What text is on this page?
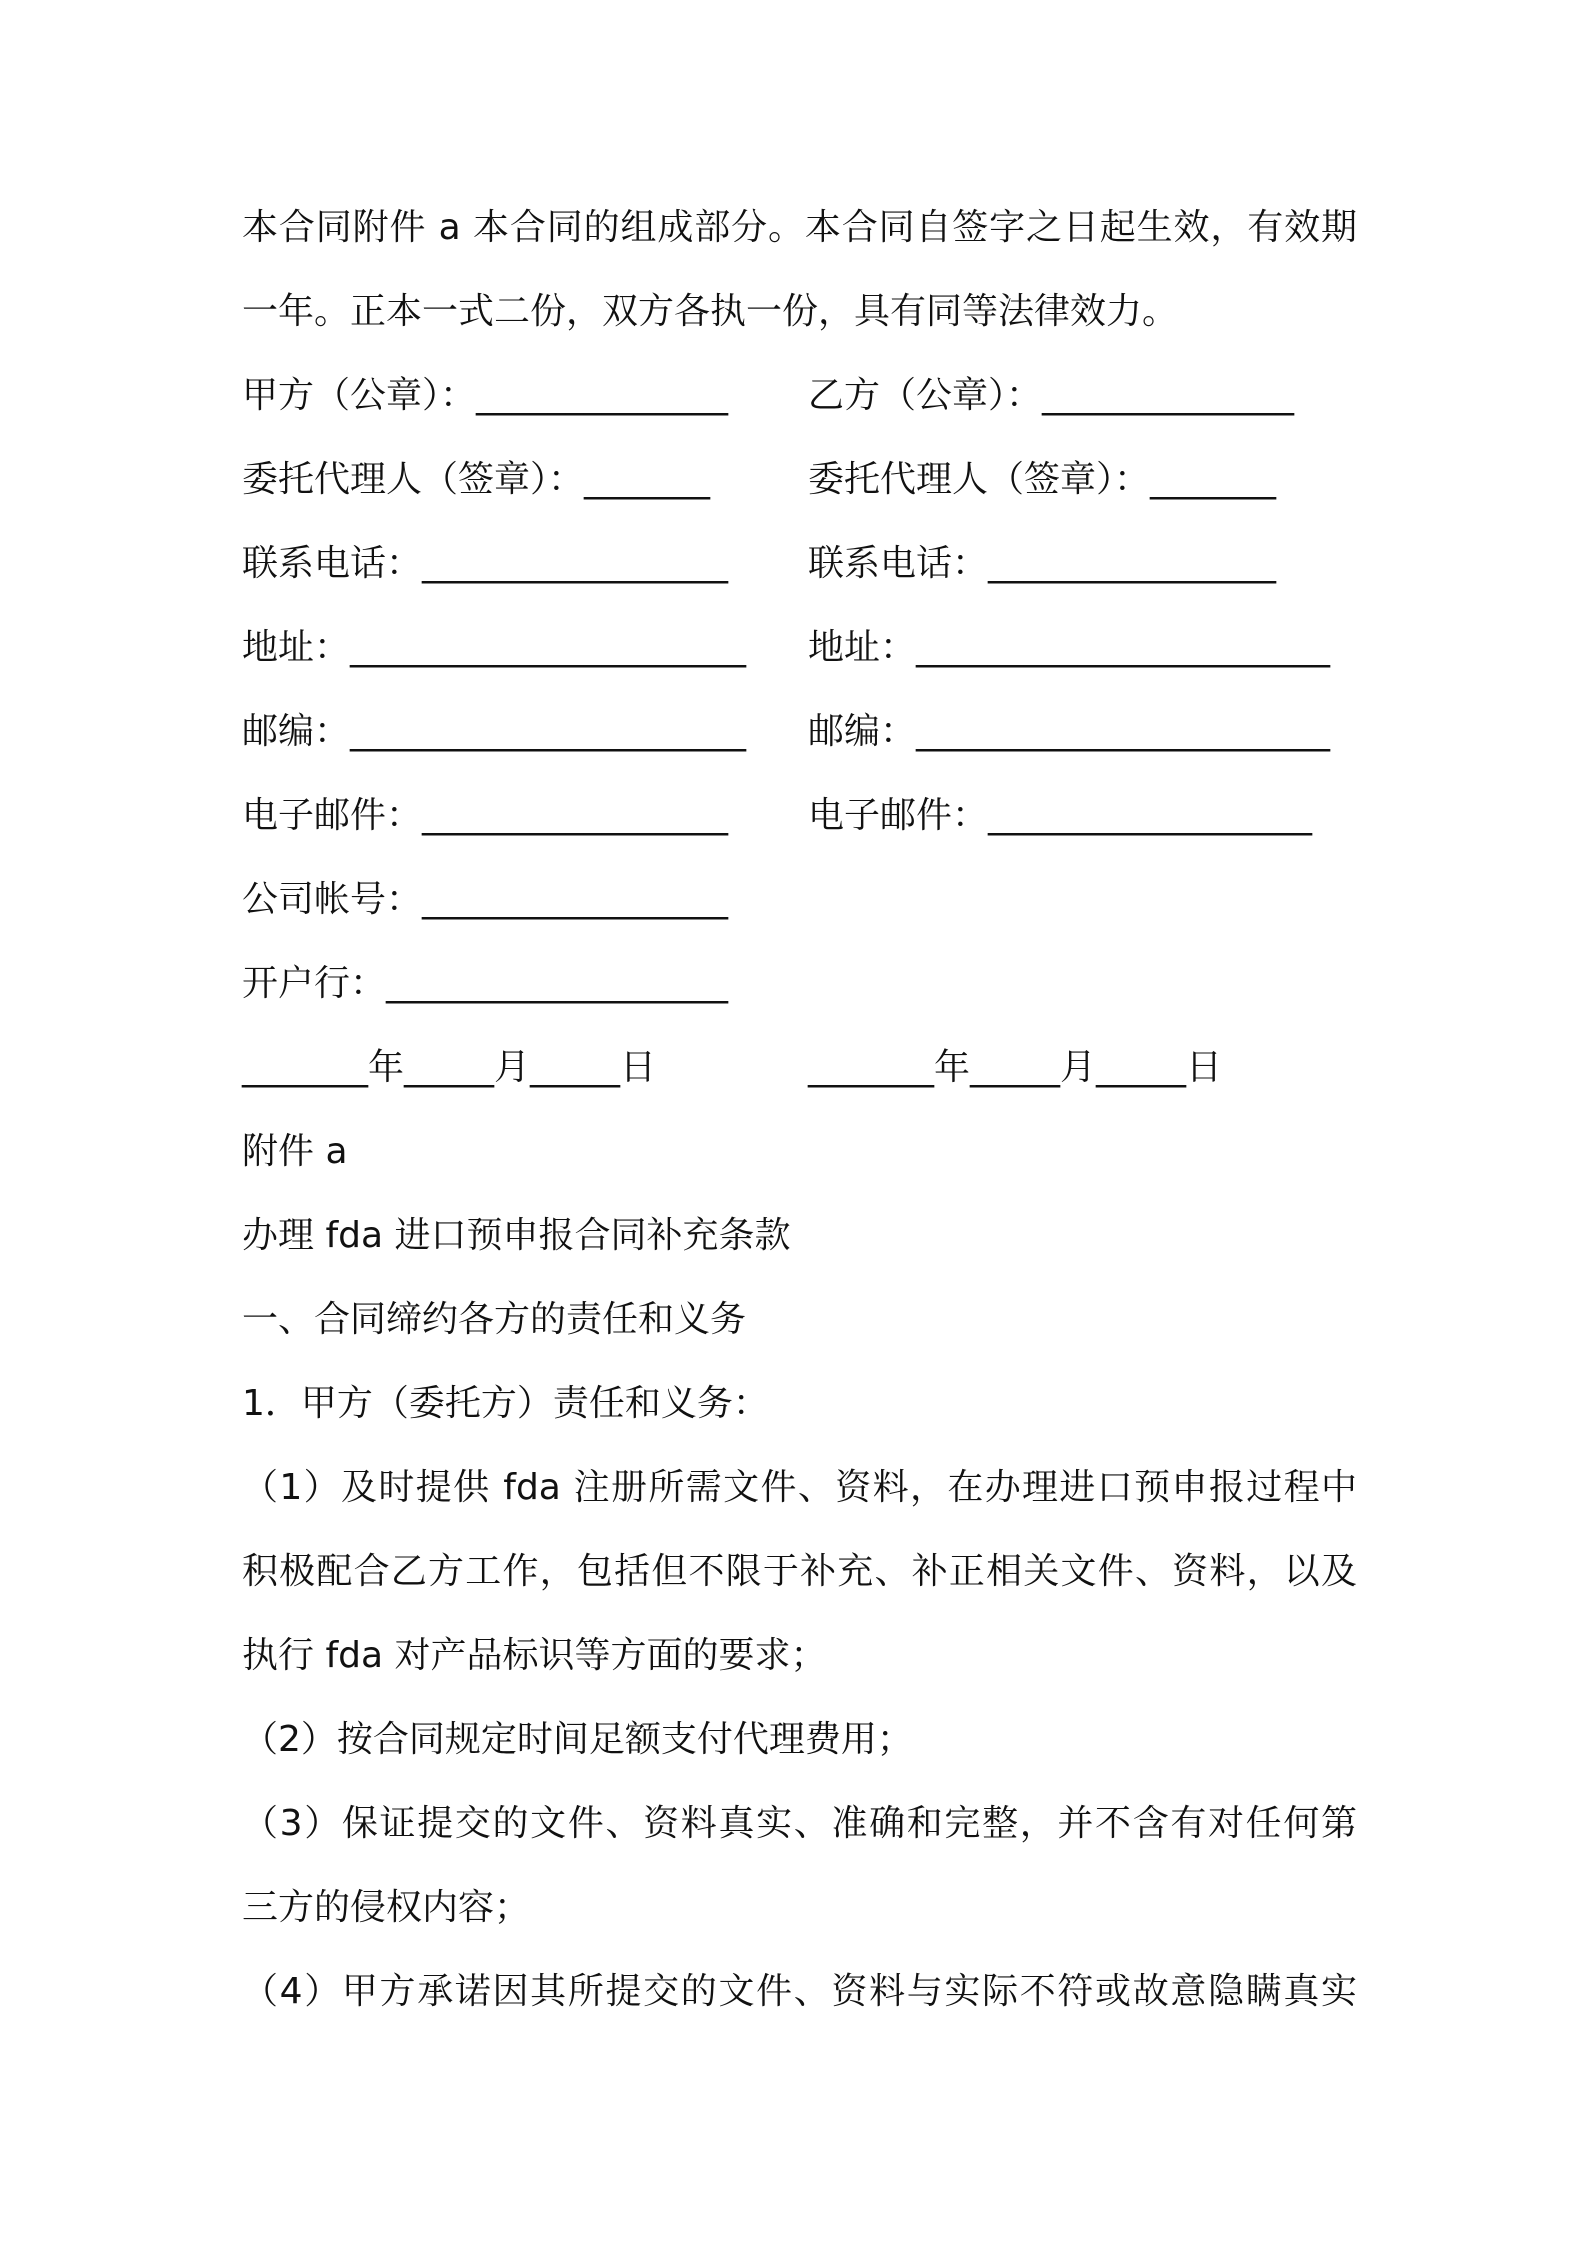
本合同附件 a 本合同的组成部分。本合同自签字之日起生效，有效期
一年。正本一式二份，双方各执一份，具有同等法律效力。
甲方（公章）：______________ 乙方（公章）：______________
委托代理人（签章）：_______	委托代理人（签章）：_______
联系电话：_________________ 联系电话：________________
地址：______________________ 地址：_______________________
邮编：______________________ 邮编：_______________________
电子邮件：_________________ 电子邮件：__________________
公司帐号：_________________
开户行：___________________
_______年_____月_____日	_______年_____月_____日
附件 a
办理 fda 进口预申报合同补充条款
一、合同缔约各方的责任和义务
1．甲方（委托方）责任和义务：
（1）及时提供 fda 注册所需文件、资料，在办理进口预申报过程中
积极配合乙方工作，包括但不限于补充、补正相关文件、资料，以及
执行 fda 对产品标识等方面的要求；
（2）按合同规定时间足额支付代理费用；
（3）保证提交的文件、资料真实、准确和完整，并不含有对任何第
三方的侵权内容；
（4）甲方承诺因其所提交的文件、资料与实际不符或故意隐瞒真实
